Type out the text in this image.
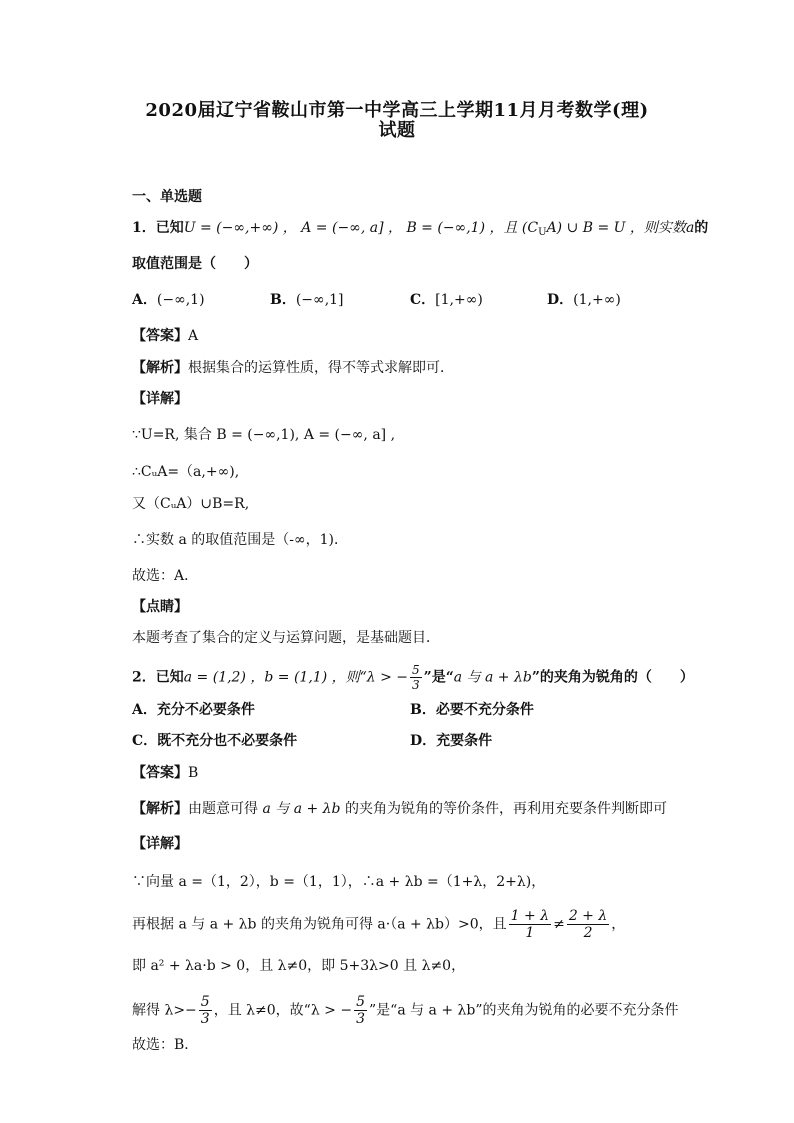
2020届辽宁省鞍山市第一中学高三上学期11月月考数学(理)
试题
一、单选题
1．已知U = (−∞,+∞) ， A = (−∞, a] ， B = (−∞,1) ，且 $(C_UA)$ ∪ B = U ，则实数a的
取值范围是（　　）
A．(−∞,1)	B．(−∞,1]	C．[1,+∞)	D．(1,+∞)
【答案】A
【解析】根据集合的运算性质，得不等式求解即可．
【详解】
∵U=R, 集合 B = (−∞,1), A = (−∞, a] ,
∴CᵤA=（a,+∞),
又（CᵤA）∪B=R,
∴实数 a 的取值范围是（-∞，1)．
故选：A．
【点睛】
本题考查了集合的定义与运算问题，是基础题目．
2．已知a = (1,2) ，b = (1,1) ，则“λ > − $\frac{5}{3}$ ”是“a 与 a + λb”的夹角为锐角的（　　）
A．充分不必要条件	B．必要不充分条件
C．既不充分也不必要条件	D．充要条件
【答案】B
【解析】由题意可得 a 与 a + λb 的夹角为锐角的等价条件，再利用充要条件判断即可
【详解】
∵向量 a =（1，2），b =（1，1），∴a + λb =（1+λ，2+λ)，
再根据 a 与 a + λb 的夹角为锐角可得 a·（a + λb）>0，且 $\frac{1 + \lambda}{1} \ne \frac{2 + \lambda}{2}$ ，
即 a² + λa·b > 0，且 λ≠0，即 5+3λ>0 且 λ≠0，
解得 $\lambda>- \frac{5}{3}$ ，且 λ≠0，故“λ > − $\frac{5}{3}$ ”是“a 与 a + λb”的夹角为锐角的必要不充分条件
故选：B．
